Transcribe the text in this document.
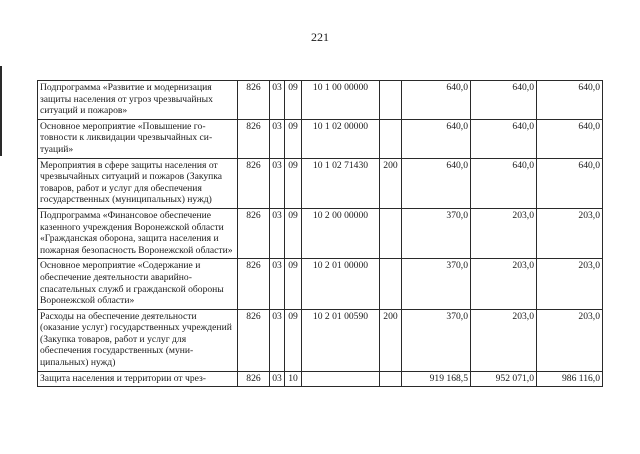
221
Подпрограмма «Развитие и модернизация защиты населения от угроз чрезвычайных ситуаций и пожаров»	826	03	09	10 1 00 00000		640,0	640,0	640,0
Основное мероприятие «Повышение готовности к ликвидации чрезвычайных ситуаций»	826	03	09	10 1 02 00000		640,0	640,0	640,0
Мероприятия в сфере защиты населения от чрезвычайных ситуаций и пожаров (Закупка товаров, работ и услуг для обеспечения государственных (муниципальных) нужд)	826	03	09	10 1 02 71430	200	640,0	640,0	640,0
Подпрограмма «Финансовое обеспечение казенного учреждения Воронежской области «Гражданская оборона, защита населения и пожарная безопасность Воронежской области»	826	03	09	10 2 00 00000		370,0	203,0	203,0
Основное мероприятие «Содержание и обеспечение деятельности аварийно-спасательных служб и гражданской обороны Воронежской области»	826	03	09	10 2 01 00000		370,0	203,0	203,0
Расходы на обеспечение деятельности (оказание услуг) государственных учреждений (Закупка товаров, работ и услуг для обеспечения государственных (муниципальных) нужд)	826	03	09	10 2 01 00590	200	370,0	203,0	203,0
Защита населения и территории от чрез-	826	03	10			919 168,5	952 071,0	986 116,0
